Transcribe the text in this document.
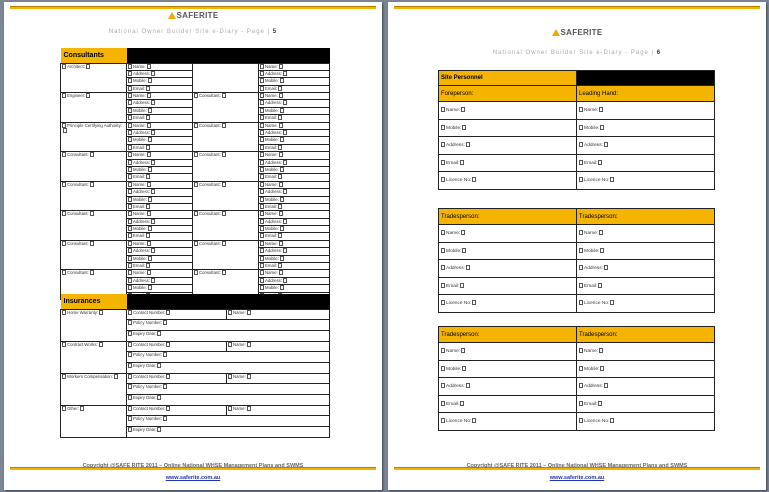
SAFERITE
National Owner Builder Site e-Diary - Page | 5
Consultants			
Architect:	Name:		Name:
	Address:		Address:
	Mobile:		Mobile:
	Email:		Email:
Engineer:	Name:	Consultant:	Name:
	Address:		Address:
	Mobile:		Mobile:
	Email:		Email:
Principle Certifying Authority:	Name:	Consultant:	Name:
	Address:		Address:
	Mobile:		Mobile:
	Email:		Email:
Consultant:	Name:	Consultant:	Name:
	Address:		Address:
	Mobile:		Mobile:
	Email:		Email:
Consultant:	Name:	Consultant:	Name:
	Address:		Address:
	Mobile:		Mobile:
	Email:		Email:
Consultant:	Name:	Consultant:	Name:
	Address:		Address:
	Mobile:		Mobile:
	Email:		Email:
Consultant:	Name:	Consultant:	Name:
	Address:		Address:
	Mobile:		Mobile:
	Email:		Email:
Consultant:	Name:	Consultant:	Name:
	Address:		Address:
	Mobile:		Mobile:

Insurances		
Home Warranty:	Contact Number:	Name:
	Policy Number:	
	Expiry Date:	
Contract Works:	Contact Number:	Name:
	Policy Number:	
	Expiry Date:	
Workers Compensation:	Contact Number:	Name:
	Policy Number:	
	Expiry Date:	
Other:	Contact Number:	Name:
	Policy Number:	
	Expiry Date:	
Copyright @SAFE RITE 2011 – Online National WHSE Management Plans and SWMS
www.saferite.com.au
SAFERITE
National Owner Builder Site e-Diary - Page | 6
Site Personnel	
Foreperson:	Leading Hand:
Name:	Name:
Mobile:	Mobile:
Address:	Address:
Email:	Email:
Licence No:	Licence No:
Tradesperson:	Tradesperson:
Name:	Name:
Mobile:	Mobile:
Address:	Address:
Email:	Email:
Licence No:	Licence No:
Tradesperson:	Tradesperson:
Name:	Name:
Mobile:	Mobile:
Address:	Address:
Email:	Email:
Licence No:	Licence No:
Copyright @SAFE RITE 2011 – Online National WHSE Management Plans and SWMS
www.saferite.com.au
